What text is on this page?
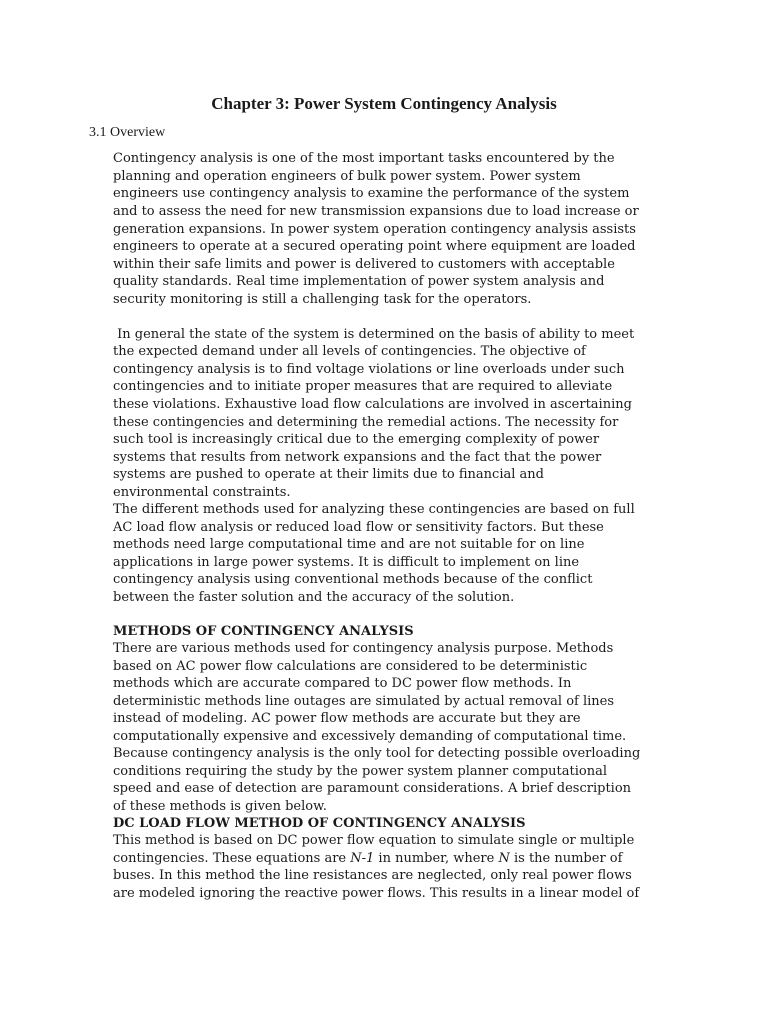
Chapter 3: Power System Contingency Analysis
3.1 Overview
Contingency analysis is one of the most important tasks encountered by the
planning and operation engineers of bulk power system. Power system
engineers use contingency analysis to examine the performance of the system
and to assess the need for new transmission expansions due to load increase or
generation expansions. In power system operation contingency analysis assists
engineers to operate at a secured operating point where equipment are loaded
within their safe limits and power is delivered to customers with acceptable
quality standards. Real time implementation of power system analysis and
security monitoring is still a challenging task for the operators.
In general the state of the system is determined on the basis of ability to meet
the expected demand under all levels of contingencies. The objective of
contingency analysis is to find voltage violations or line overloads under such
contingencies and to initiate proper measures that are required to alleviate
these violations. Exhaustive load flow calculations are involved in ascertaining
these contingencies and determining the remedial actions. The necessity for
such tool is increasingly critical due to the emerging complexity of power
systems that results from network expansions and the fact that the power
systems are pushed to operate at their limits due to financial and
environmental constraints.
The different methods used for analyzing these contingencies are based on full
AC load flow analysis or reduced load flow or sensitivity factors. But these
methods need large computational time and are not suitable for on line
applications in large power systems. It is difficult to implement on line
contingency analysis using conventional methods because of the conflict
between the faster solution and the accuracy of the solution.
METHODS OF CONTINGENCY ANALYSIS
There are various methods used for contingency analysis purpose. Methods
based on AC power flow calculations are considered to be deterministic
methods which are accurate compared to DC power flow methods. In
deterministic methods line outages are simulated by actual removal of lines
instead of modeling. AC power flow methods are accurate but they are
computationally expensive and excessively demanding of computational time.
Because contingency analysis is the only tool for detecting possible overloading
conditions requiring the study by the power system planner computational
speed and ease of detection are paramount considerations. A brief description
of these methods is given below.
DC LOAD FLOW METHOD OF CONTINGENCY ANALYSIS
This method is based on DC power flow equation to simulate single or multiple
contingencies. These equations are N-1 in number, where N is the number of
buses. In this method the line resistances are neglected, only real power flows
are modeled ignoring the reactive power flows. This results in a linear model of
